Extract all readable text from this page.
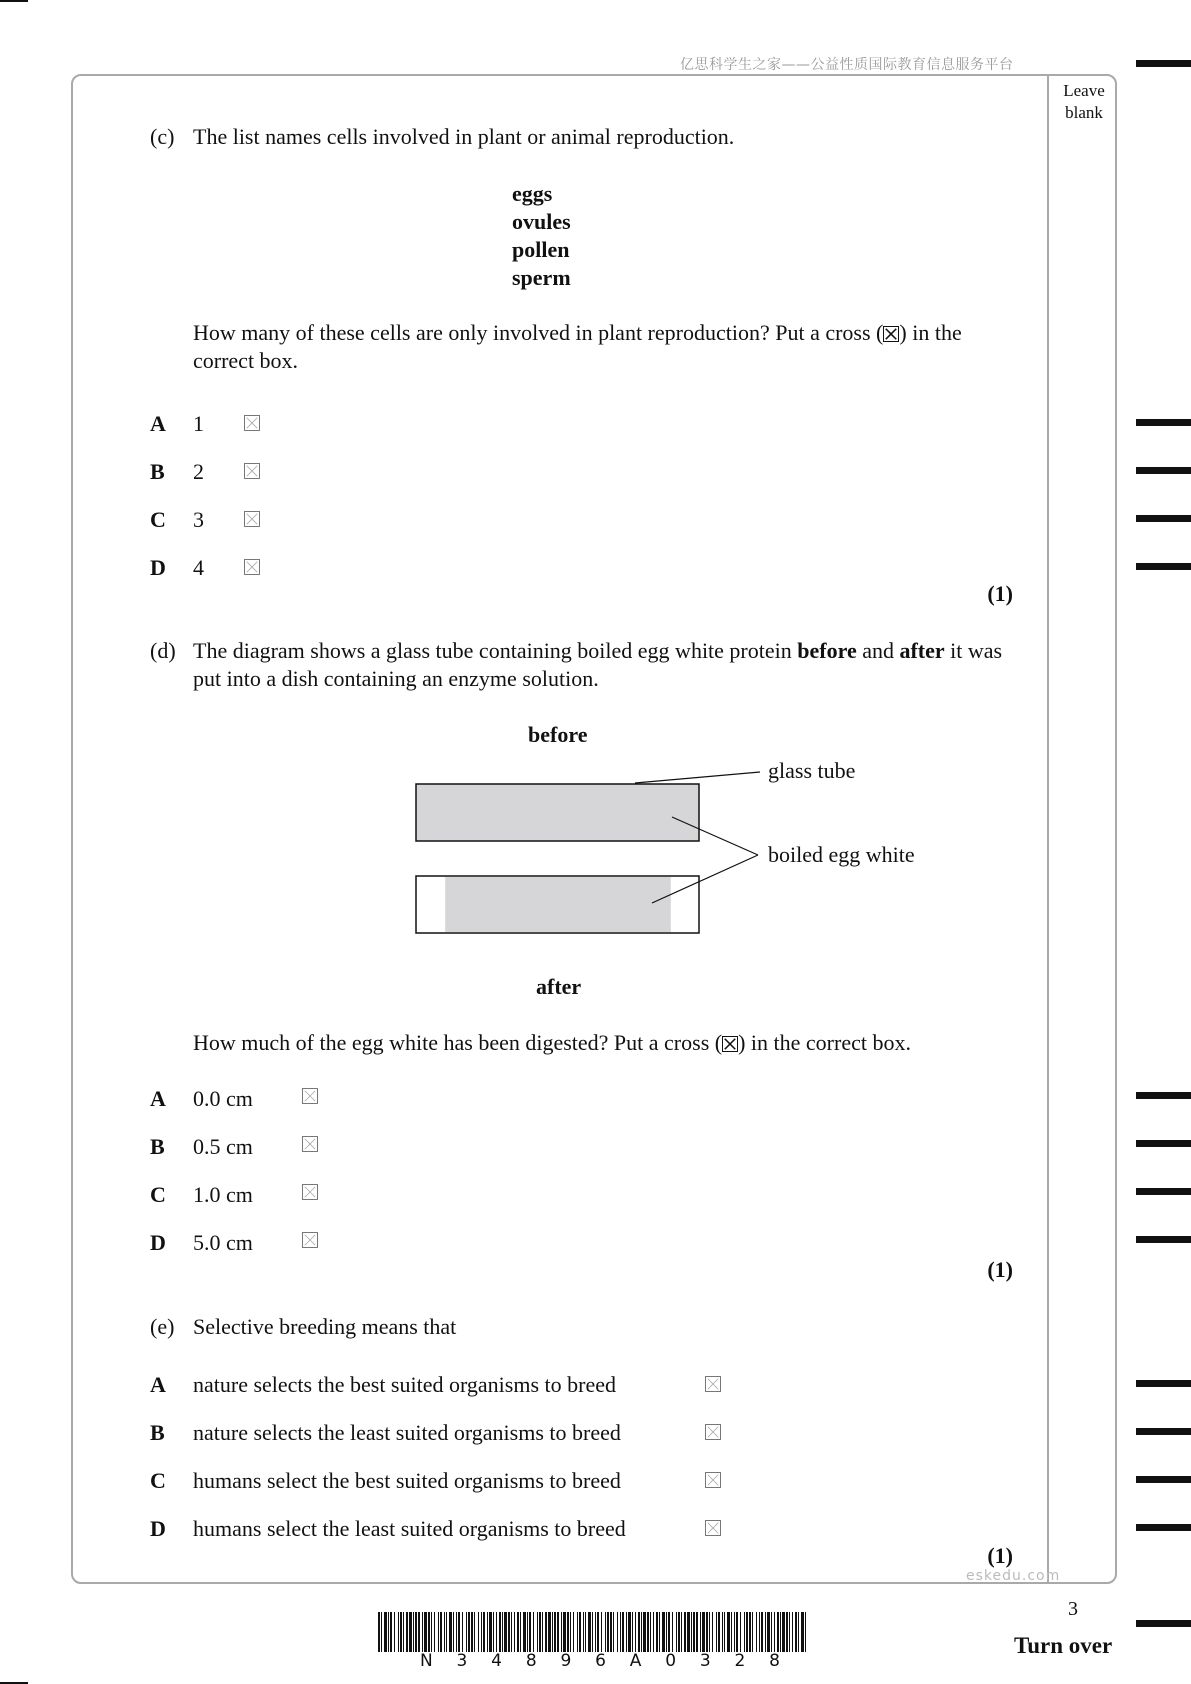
亿思科学生之家——公益性质国际教育信息服务平台
Leave
blank
(c) The list names cells involved in plant or animal reproduction.
eggs
ovules
pollen
sperm
How many of these cells are only involved in plant reproduction? Put a cross ( ) in the correct box.
A 1
B 2
C 3
D 4
(1)
(d) The diagram shows a glass tube containing boiled egg white protein before and after it was put into a dish containing an enzyme solution.
before
glass tube
boiled egg white
after
How much of the egg white has been digested? Put a cross ( ) in the correct box.
A 0.0 cm
B 0.5 cm
C 1.0 cm
D 5.0 cm
(1)
(e) Selective breeding means that
A nature selects the best suited organisms to breed
B nature selects the least suited organisms to breed
C humans select the best suited organisms to breed
D humans select the least suited organisms to breed
(1)
eskedu.com
3
Turn over
N 3 4 8 9 6 A 0 3 2 8
